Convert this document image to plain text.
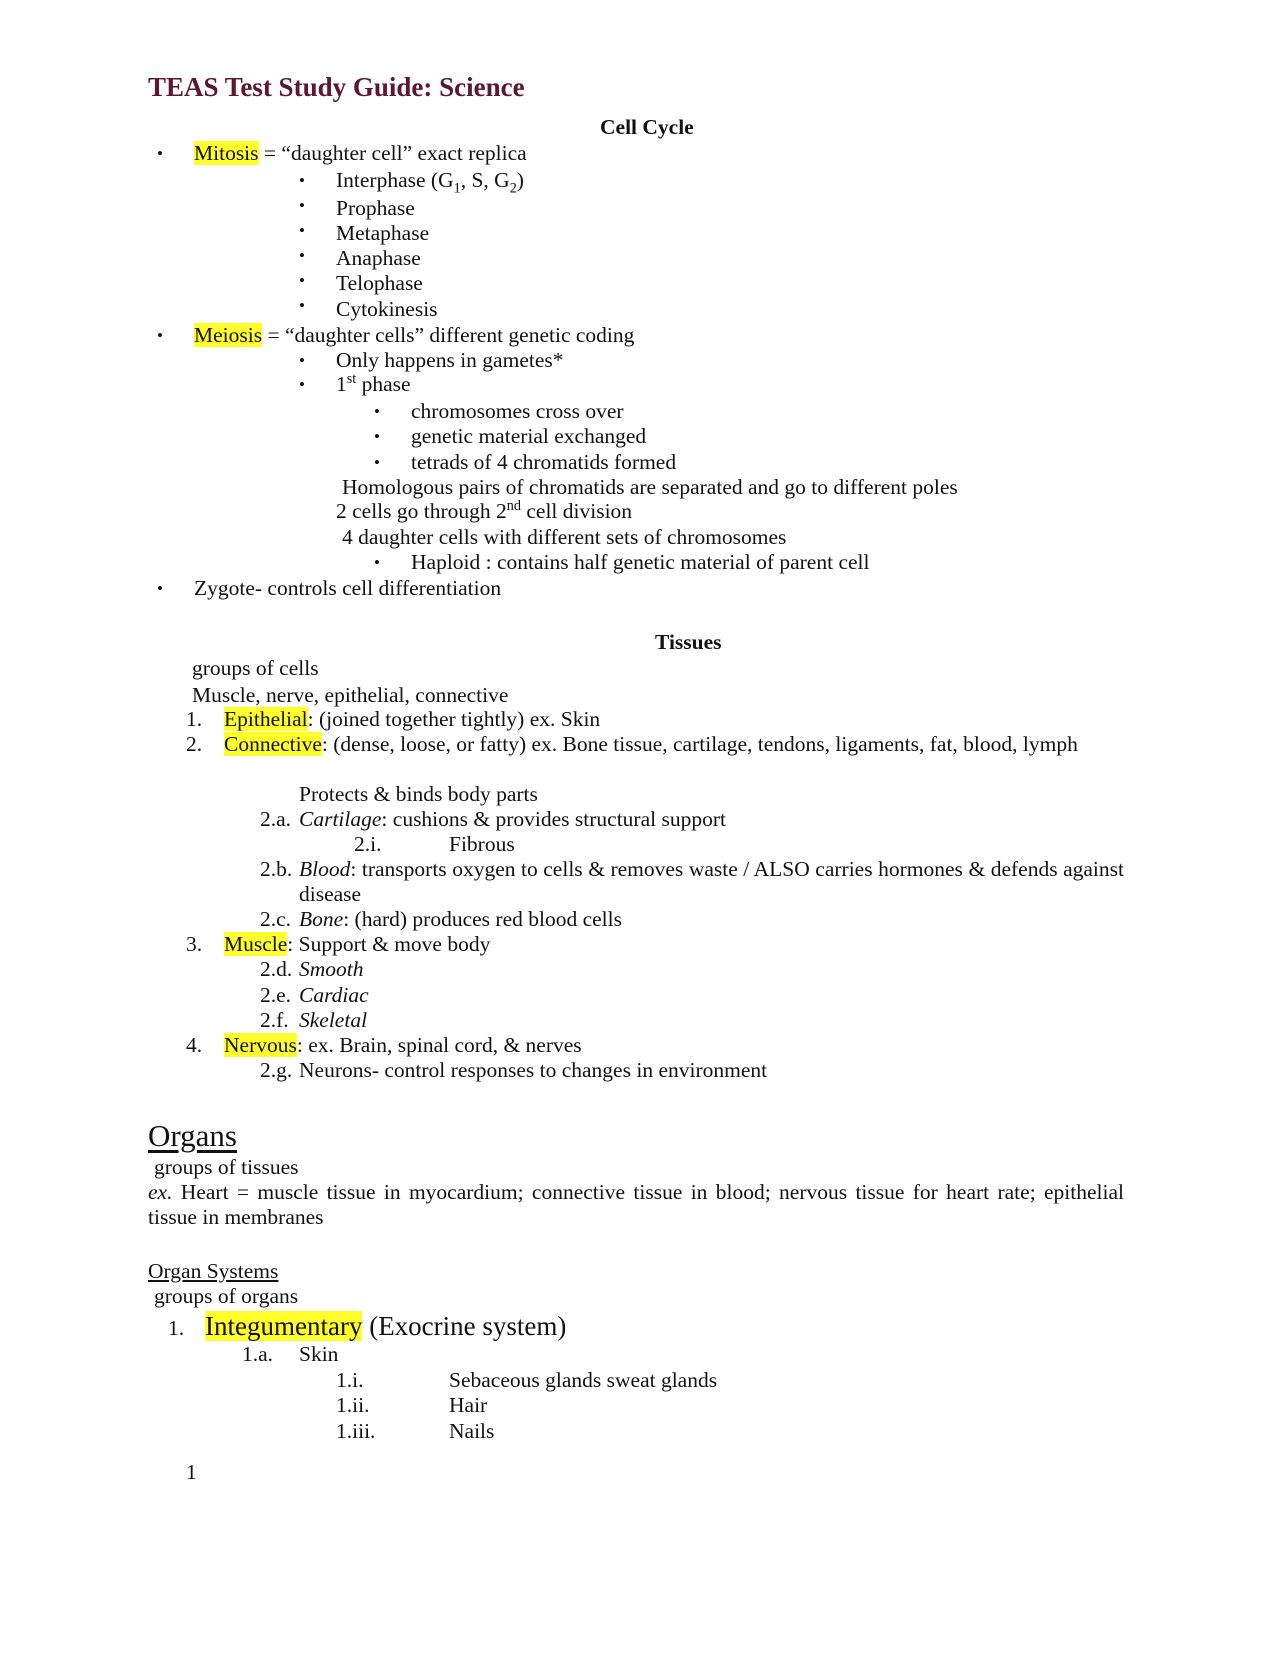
TEAS Test Study Guide: Science
Cell Cycle
• Mitosis = “daughter cell” exact replica
• Interphase ($G_1$, S, $G_2$)
• Prophase
• Metaphase
• Anaphase
• Telophase
• Cytokinesis
• Meiosis = “daughter cells” different genetic coding
• Only happens in gametes*
• 1st phase
• chromosomes cross over
• genetic material exchanged
• tetrads of 4 chromatids formed
Homologous pairs of chromatids are separated and go to different poles
2 cells go through 2nd cell division
4 daughter cells with different sets of chromosomes
• Haploid : contains half genetic material of parent cell
• Zygote- controls cell differentiation
Tissues
groups of cells
Muscle, nerve, epithelial, connective
1. Epithelial: (joined together tightly) ex. Skin
2. Connective: (dense, loose, or fatty) ex. Bone tissue, cartilage, tendons, ligaments, fat, blood, lymph
Protects & binds body parts
2.a. Cartilage: cushions & provides structural support
2.i.	Fibrous
2.b. Blood: transports oxygen to cells & removes waste / ALSO carries hormones & defends against disease
2.c. Bone: (hard) produces red blood cells
3. Muscle: Support & move body
2.d. Smooth
2.e. Cardiac
2.f. Skeletal
4. Nervous: ex. Brain, spinal cord, & nerves
2.g. Neurons- control responses to changes in environment
Organs
groups of tissues
ex. Heart = muscle tissue in myocardium; connective tissue in blood; nervous tissue for heart rate; epithelial tissue in membranes
Organ Systems
groups of organs
1. Integumentary (Exocrine system)
1.a. Skin
1.i.	Sebaceous glands sweat glands
1.ii.	Hair
1.iii.	Nails
1
